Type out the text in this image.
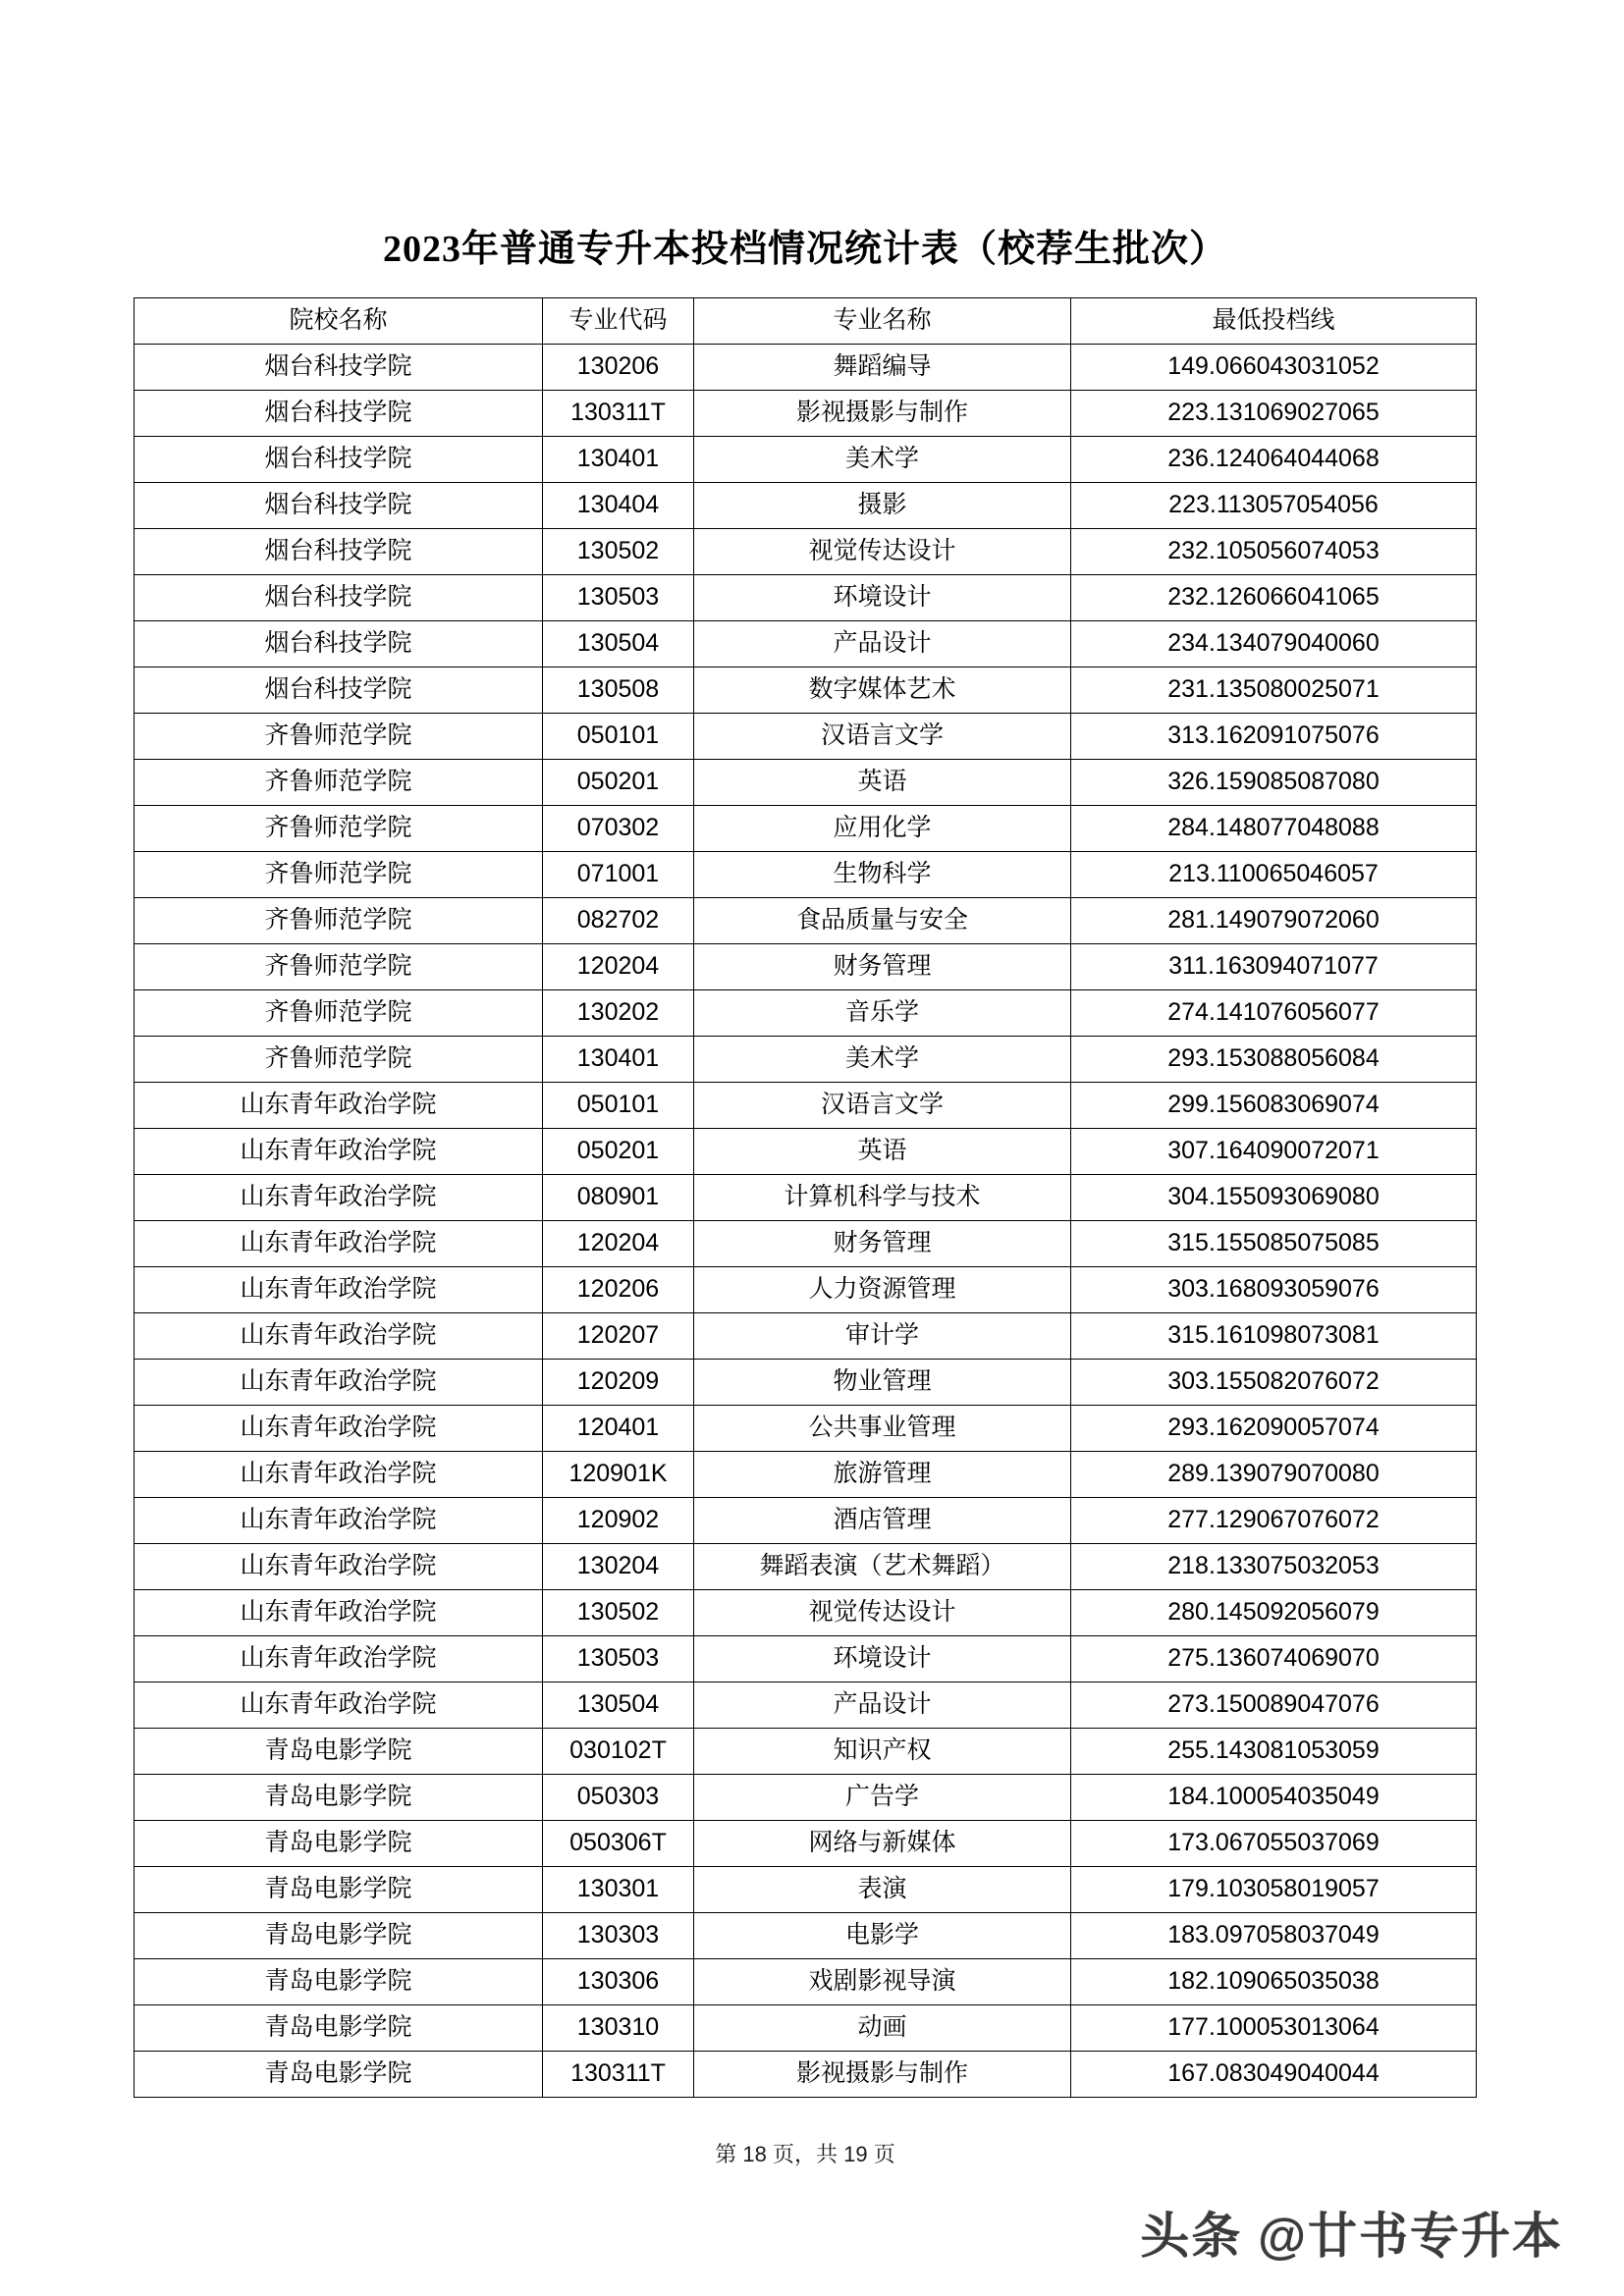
2023年普通专升本投档情况统计表（校荐生批次）
院校名称	专业代码	专业名称	最低投档线
烟台科技学院	130206	舞蹈编导	149.066043031052
烟台科技学院	130311T	影视摄影与制作	223.131069027065
烟台科技学院	130401	美术学	236.124064044068
烟台科技学院	130404	摄影	223.113057054056
烟台科技学院	130502	视觉传达设计	232.105056074053
烟台科技学院	130503	环境设计	232.126066041065
烟台科技学院	130504	产品设计	234.134079040060
烟台科技学院	130508	数字媒体艺术	231.135080025071
齐鲁师范学院	050101	汉语言文学	313.162091075076
齐鲁师范学院	050201	英语	326.159085087080
齐鲁师范学院	070302	应用化学	284.148077048088
齐鲁师范学院	071001	生物科学	213.110065046057
齐鲁师范学院	082702	食品质量与安全	281.149079072060
齐鲁师范学院	120204	财务管理	311.163094071077
齐鲁师范学院	130202	音乐学	274.141076056077
齐鲁师范学院	130401	美术学	293.153088056084
山东青年政治学院	050101	汉语言文学	299.156083069074
山东青年政治学院	050201	英语	307.164090072071
山东青年政治学院	080901	计算机科学与技术	304.155093069080
山东青年政治学院	120204	财务管理	315.155085075085
山东青年政治学院	120206	人力资源管理	303.168093059076
山东青年政治学院	120207	审计学	315.161098073081
山东青年政治学院	120209	物业管理	303.155082076072
山东青年政治学院	120401	公共事业管理	293.162090057074
山东青年政治学院	120901K	旅游管理	289.139079070080
山东青年政治学院	120902	酒店管理	277.129067076072
山东青年政治学院	130204	舞蹈表演（艺术舞蹈）	218.133075032053
山东青年政治学院	130502	视觉传达设计	280.145092056079
山东青年政治学院	130503	环境设计	275.136074069070
山东青年政治学院	130504	产品设计	273.150089047076
青岛电影学院	030102T	知识产权	255.143081053059
青岛电影学院	050303	广告学	184.100054035049
青岛电影学院	050306T	网络与新媒体	173.067055037069
青岛电影学院	130301	表演	179.103058019057
青岛电影学院	130303	电影学	183.097058037049
青岛电影学院	130306	戏剧影视导演	182.109065035038
青岛电影学院	130310	动画	177.100053013064
青岛电影学院	130311T	影视摄影与制作	167.083049040044
第 18 页，共 19 页
头条 @廿书专升本
